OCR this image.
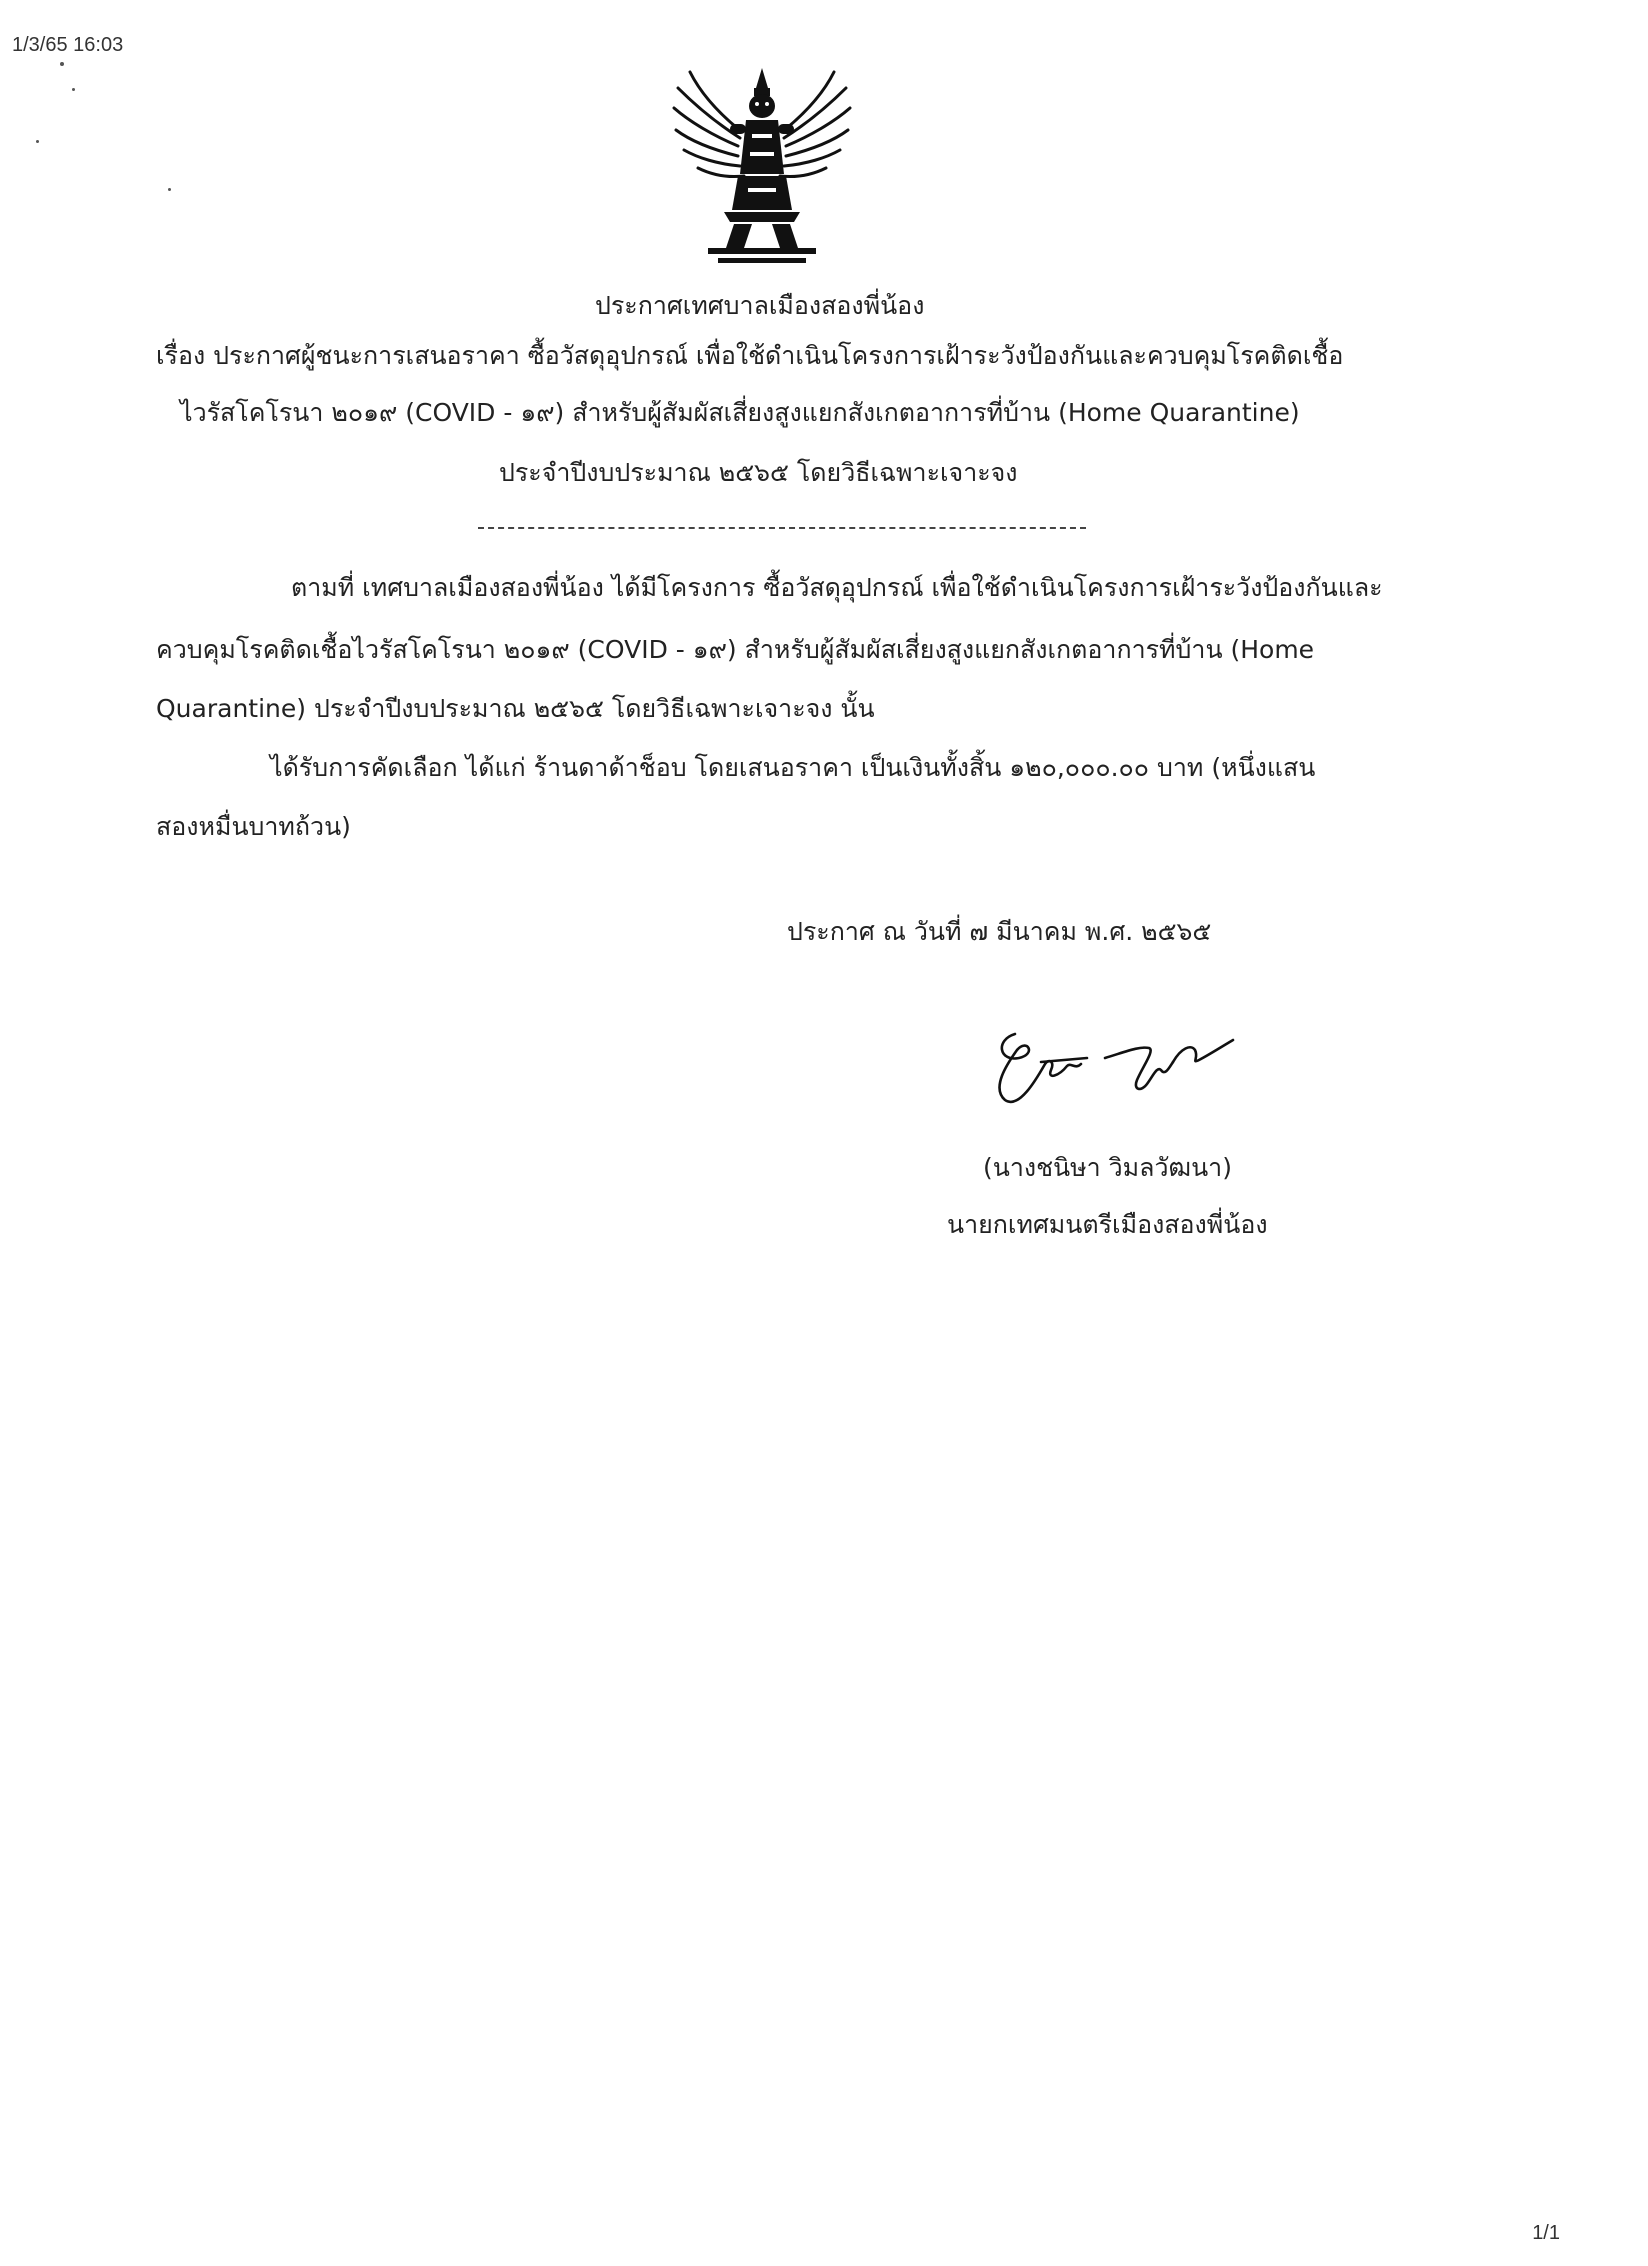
1/3/65 16:03
1/1
ประกาศเทศบาลเมืองสองพี่น้อง
เรื่อง ประกาศผู้ชนะการเสนอราคา ซื้อวัสดุอุปกรณ์ เพื่อใช้ดำเนินโครงการเฝ้าระวังป้องกันและควบคุมโรคติดเชื้อ
ไวรัสโคโรนา ๒๐๑๙ (COVID - ๑๙) สำหรับผู้สัมผัสเสี่ยงสูงแยกสังเกตอาการที่บ้าน (Home Quarantine)
ประจำปีงบประมาณ ๒๕๖๕ โดยวิธีเฉพาะเจาะจง
ตามที่ เทศบาลเมืองสองพี่น้อง ได้มีโครงการ ซื้อวัสดุอุปกรณ์ เพื่อใช้ดำเนินโครงการเฝ้าระวังป้องกันและ
ควบคุมโรคติดเชื้อไวรัสโคโรนา ๒๐๑๙ (COVID - ๑๙) สำหรับผู้สัมผัสเสี่ยงสูงแยกสังเกตอาการที่บ้าน (Home
Quarantine) ประจำปีงบประมาณ ๒๕๖๕ โดยวิธีเฉพาะเจาะจง นั้น
ได้รับการคัดเลือก ได้แก่ ร้านดาด้าช็อบ โดยเสนอราคา เป็นเงินทั้งสิ้น ๑๒๐,๐๐๐.๐๐ บาท (หนึ่งแสน
สองหมื่นบาทถ้วน)
ประกาศ ณ วันที่ ๗ มีนาคม พ.ศ. ๒๕๖๕
(นางชนิษา วิมลวัฒนา)
นายกเทศมนตรีเมืองสองพี่น้อง
